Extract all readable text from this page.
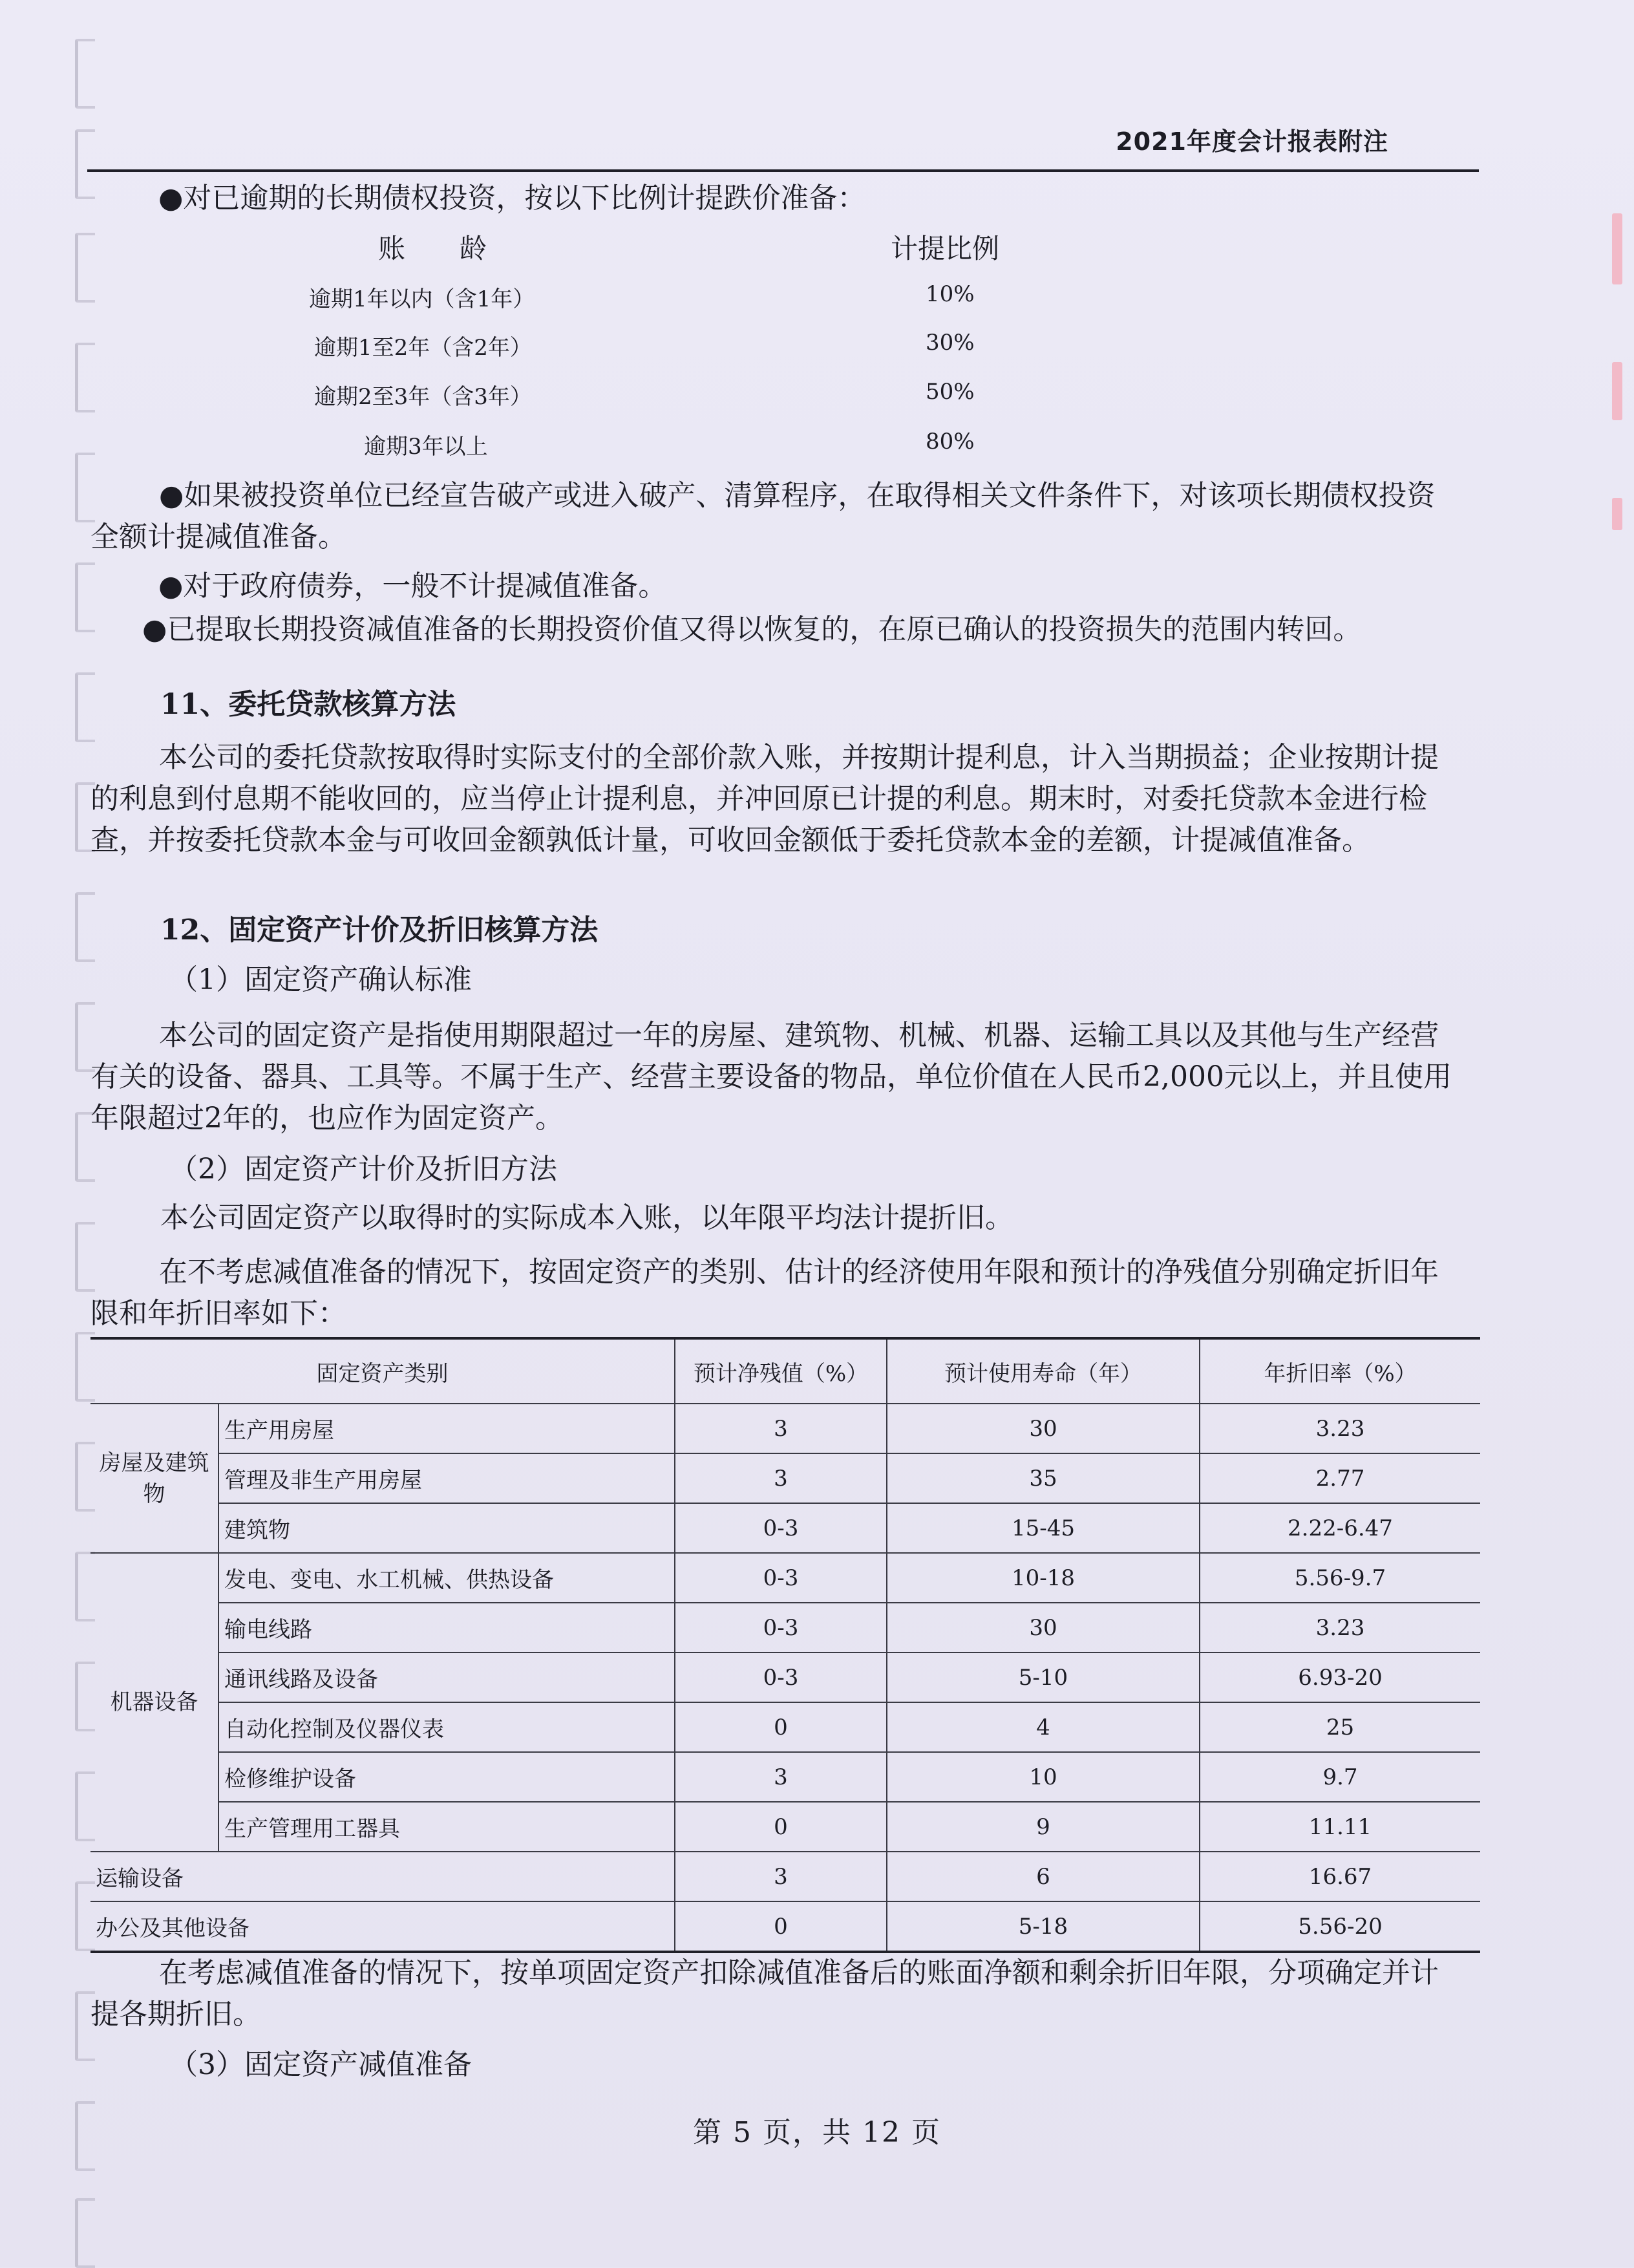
2021年度会计报表附注

●对已逾期的长期债权投资，按以下比例计提跌价准备：

账　　龄	计提比例
逾期1年以内（含1年）	10%
逾期1至2年（含2年）	30%
逾期2至3年（含3年）	50%
逾期3年以上	80%

●如果被投资单位已经宣告破产或进入破产、清算程序，在取得相关文件条件下，对该项长期债权投资全额计提减值准备。

●对于政府债券，一般不计提减值准备。

●已提取长期投资减值准备的长期投资价值又得以恢复的，在原已确认的投资损失的范围内转回。

11、委托贷款核算方法

本公司的委托贷款按取得时实际支付的全部价款入账，并按期计提利息，计入当期损益；企业按期计提的利息到付息期不能收回的，应当停止计提利息，并冲回原已计提的利息。期末时，对委托贷款本金进行检查，并按委托贷款本金与可收回金额孰低计量，可收回金额低于委托贷款本金的差额，计提减值准备。

12、固定资产计价及折旧核算方法

（1）固定资产确认标准

本公司的固定资产是指使用期限超过一年的房屋、建筑物、机械、机器、运输工具以及其他与生产经营有关的设备、器具、工具等。不属于生产、经营主要设备的物品，单位价值在人民币2,000元以上，并且使用年限超过2年的，也应作为固定资产。

（2）固定资产计价及折旧方法

本公司固定资产以取得时的实际成本入账，以年限平均法计提折旧。

在不考虑减值准备的情况下，按固定资产的类别、估计的经济使用年限和预计的净残值分别确定折旧年限和年折旧率如下：

固定资产类别		预计净残值（%）	预计使用寿命（年）	年折旧率（%）
房屋及建筑物	生产用房屋	3	30	3.23
	管理及非生产用房屋	3	35	2.77
	建筑物	0-3	15-45	2.22-6.47
机器设备	发电、变电、水工机械、供热设备	0-3	10-18	5.56-9.7
	输电线路	0-3	30	3.23
	通讯线路及设备	0-3	5-10	6.93-20
	自动化控制及仪器仪表	0	4	25
	检修维护设备	3	10	9.7
	生产管理用工器具	0	9	11.11
运输设备		3	6	16.67
办公及其他设备		0	5-18	5.56-20

在考虑减值准备的情况下，按单项固定资产扣除减值准备后的账面净额和剩余折旧年限，分项确定并计提各期折旧。

（3）固定资产减值准备

第 5 页，共 12 页
